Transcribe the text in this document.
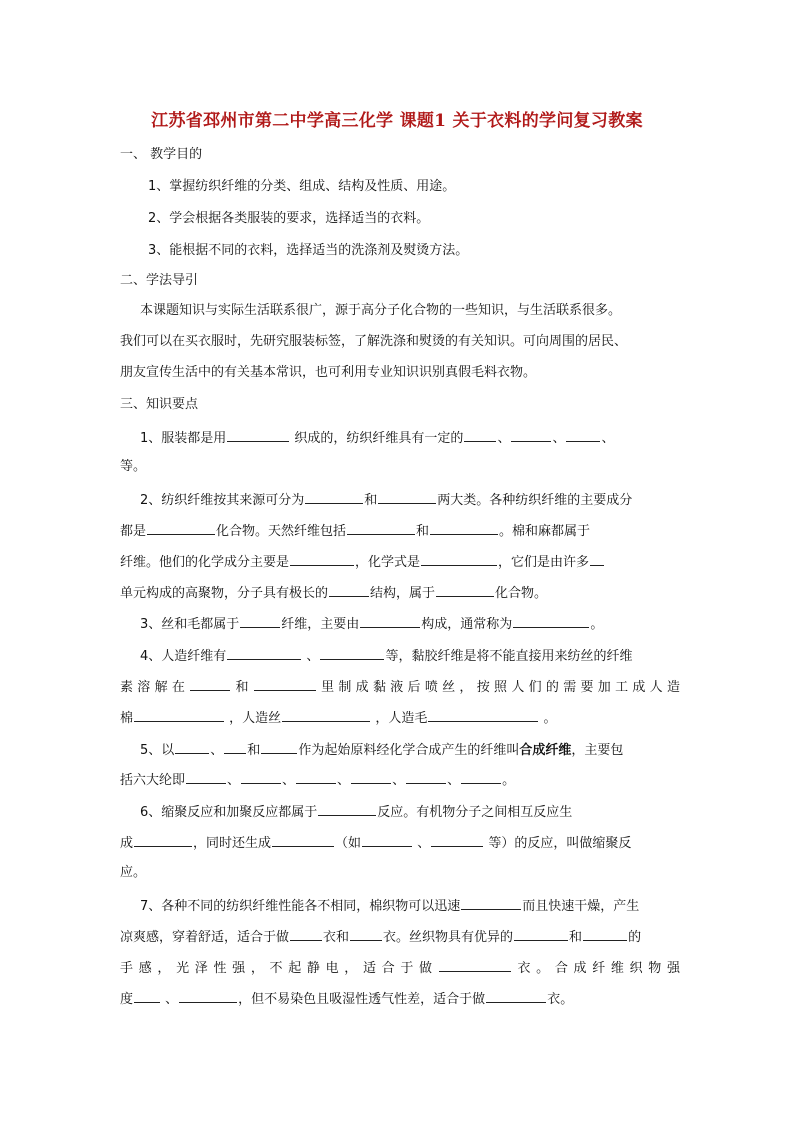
江苏省邳州市第二中学高三化学 课题1 关于衣料的学问复习教案
一、 教学目的
1、掌握纺织纤维的分类、组成、结构及性质、用途。
2、学会根据各类服装的要求，选择适当的衣料。
3、能根据不同的衣料，选择适当的洗涤剂及熨烫方法。
二、学法导引
本课题知识与实际生活联系很广，源于高分子化合物的一些知识，与生活联系很多。
我们可以在买衣服时，先研究服装标签，了解洗涤和熨烫的有关知识。可向周围的居民、
朋友宣传生活中的有关基本常识，也可利用专业知识识别真假毛料衣物。
三、知识要点
1、服装都是用	织成的，纺织纤维具有一定的	、	、	、
等。
2、纺织纤维按其来源可分为	和	两大类。各种纺织纤维的主要成分
都是	化合物。天然纤维包括	和	。棉和麻都属于
纤维。他们的化学成分主要是	，化学式是	，它们是由许多
单元构成的高聚物，分子具有极长的	结构，属于	化合物。
3、丝和毛都属于	纤维，主要由	构成，通常称为	。
4、人造纤维有	、	等，黏胶纤维是将不能直接用来纺丝的纤维
素溶解在	和	里制成黏液后喷丝，按照人们的需要加工成人造
棉	，人造丝	，人造毛	。
5、以	、 和	作为起始原料经化学合成产生的纤维叫合成纤维，主要包
括六大纶即	、	、	、	、	、	。
6、缩聚反应和加聚反应都属于	反应。有机物分子之间相互反应生
成	，同时还生成	（如	、	等）的反应，叫做缩聚反
应。
7、各种不同的纺织纤维性能各不相同，棉织物可以迅速	而且快速干燥，产生
凉爽感，穿着舒适，适合于做	衣和	衣。丝织物具有优异的	和	的
手感，光泽性强，不起静电，适合于做	衣。合成纤维织物强
度 、	，但不易染色且吸湿性透气性差，适合于做	衣。
